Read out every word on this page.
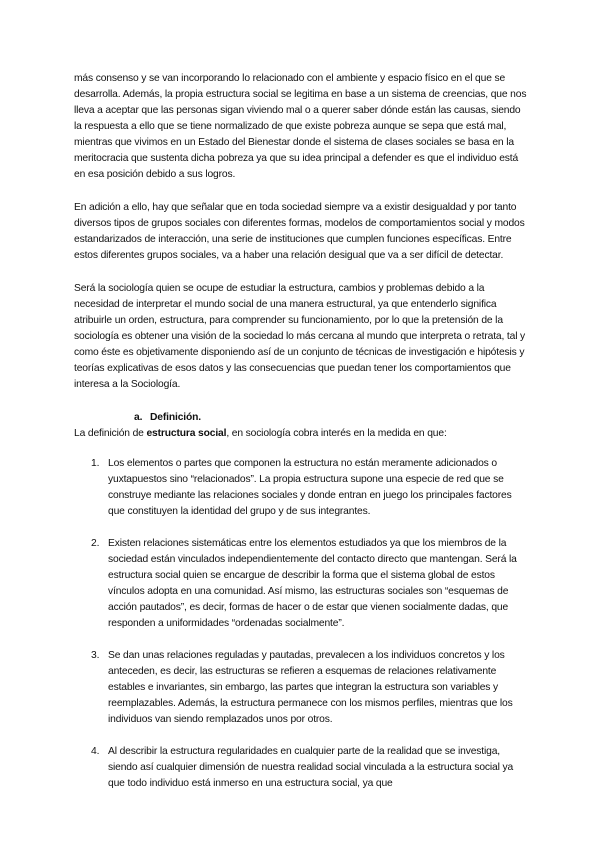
más consenso y se van incorporando lo relacionado con el ambiente y espacio físico en el que se desarrolla. Además, la propia estructura social se legitima en base a un sistema de creencias, que nos lleva a aceptar que las personas sigan viviendo mal o a querer saber dónde están las causas, siendo la respuesta a ello que se tiene normalizado de que existe pobreza aunque se sepa que está mal, mientras que vivimos en un Estado del Bienestar donde el sistema de clases sociales se basa en la meritocracia que sustenta dicha pobreza ya que su idea principal a defender es que el individuo está en esa posición debido a sus logros.

En adición a ello, hay que señalar que en toda sociedad siempre va a existir desigualdad y por tanto diversos tipos de grupos sociales con diferentes formas, modelos de comportamientos social y modos estandarizados de interacción, una serie de instituciones que cumplen funciones específicas. Entre estos diferentes grupos sociales, va a haber una relación desigual que va a ser difícil de detectar.

Será la sociología quien se ocupe de estudiar la estructura, cambios y problemas debido a la necesidad de interpretar el mundo social de una manera estructural, ya que entenderlo significa atribuirle un orden, estructura, para comprender su funcionamiento, por lo que la pretensión de la sociología es obtener una visión de la sociedad lo más cercana al mundo que interpreta o retrata, tal y como éste es objetivamente disponiendo así de un conjunto de técnicas de investigación e hipótesis y teorías explicativas de esos datos y las consecuencias que puedan tener los comportamientos que interesa a la Sociología.

a. Definición.

La definición de estructura social, en sociología cobra interés en la medida en que:

1. Los elementos o partes que componen la estructura no están meramente adicionados o yuxtapuestos sino “relacionados”. La propia estructura supone una especie de red que se construye mediante las relaciones sociales y donde entran en juego los principales factores que constituyen la identidad del grupo y de sus integrantes.
2. Existen relaciones sistemáticas entre los elementos estudiados ya que los miembros de la sociedad están vinculados independientemente del contacto directo que mantengan. Será la estructura social quien se encargue de describir la forma que el sistema global de estos vínculos adopta en una comunidad. Así mismo, las estructuras sociales son “esquemas de acción pautados”, es decir, formas de hacer o de estar que vienen socialmente dadas, que responden a uniformidades “ordenadas socialmente”.
3. Se dan unas relaciones reguladas y pautadas, prevalecen a los individuos concretos y los anteceden, es decir, las estructuras se refieren a esquemas de relaciones relativamente estables e invariantes, sin embargo, las partes que integran la estructura son variables y reemplazables. Además, la estructura permanece con los mismos perfiles, mientras que los individuos van siendo remplazados unos por otros.
4. Al describir la estructura regularidades en cualquier parte de la realidad que se investiga, siendo así cualquier dimensión de nuestra realidad social vinculada a la estructura social ya que todo individuo está inmerso en una estructura social, ya que
